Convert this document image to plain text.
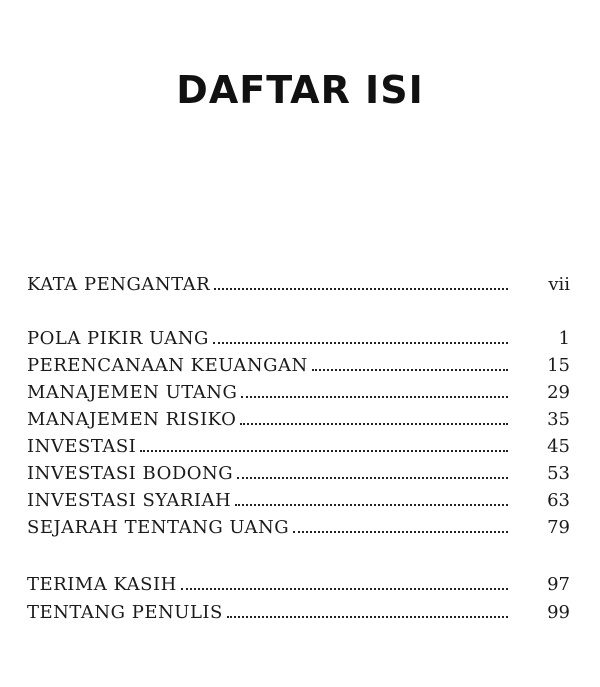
DAFTAR ISI
KATA PENGANTAR	vii
POLA PIKIR UANG	1
PERENCANAAN KEUANGAN	15
MANAJEMEN UTANG	29
MANAJEMEN RISIKO	35
INVESTASI	45
INVESTASI BODONG	53
INVESTASI SYARIAH	63
SEJARAH TENTANG UANG	79
TERIMA KASIH	97
TENTANG PENULIS	99
